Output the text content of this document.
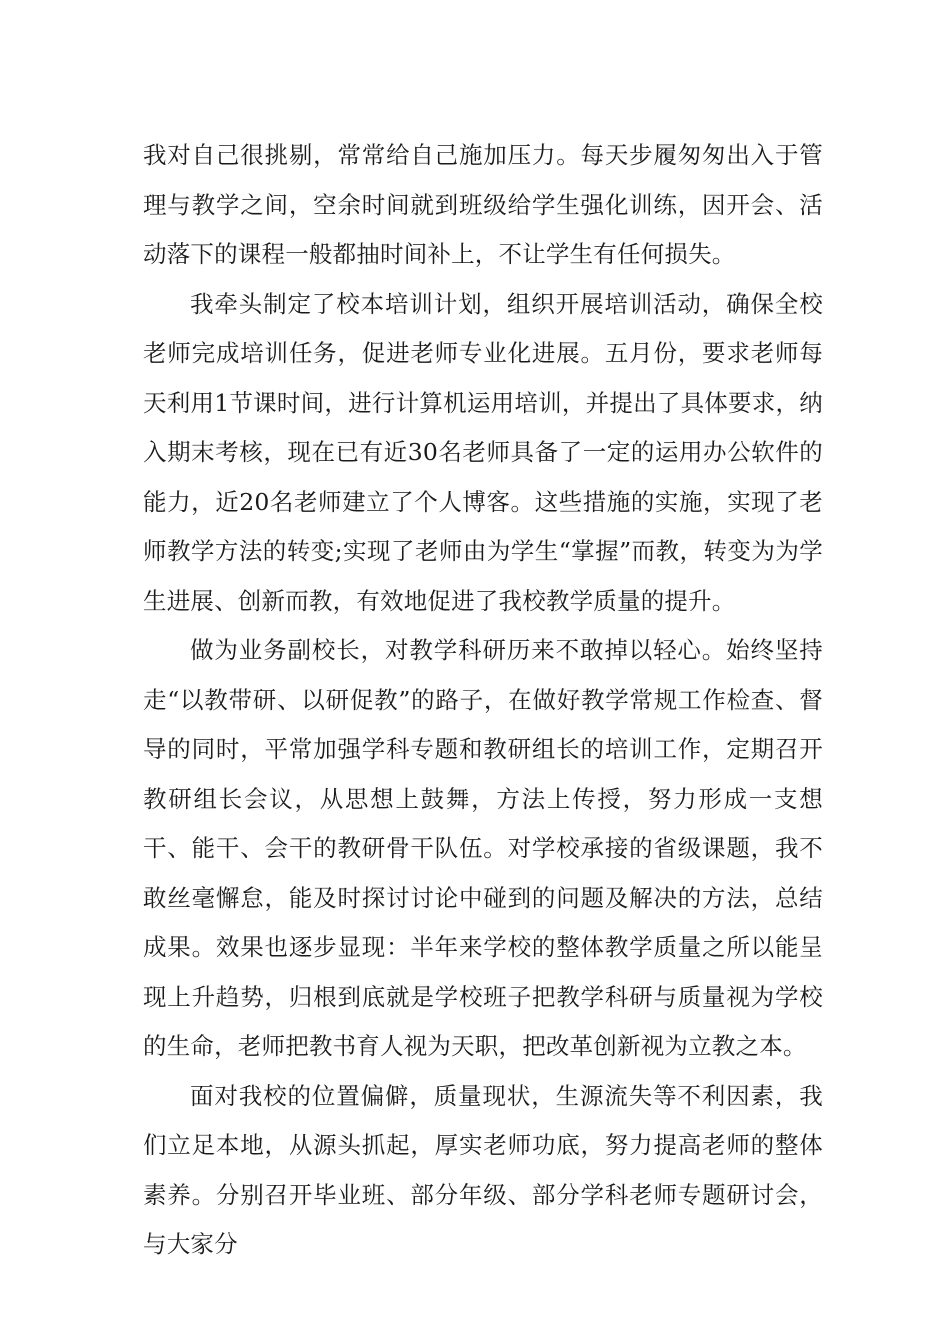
我对自己很挑剔，常常给自己施加压力。每天步履匆匆出入于管理与教学之间，空余时间就到班级给学生强化训练，因开会、活动落下的课程一般都抽时间补上，不让学生有任何损失。

我牵头制定了校本培训计划，组织开展培训活动，确保全校老师完成培训任务，促进老师专业化进展。五月份，要求老师每天利用1节课时间，进行计算机运用培训，并提出了具体要求，纳入期末考核，现在已有近30名老师具备了一定的运用办公软件的能力，近20名老师建立了个人博客。这些措施的实施，实现了老师教学方法的转变;实现了老师由为学生“掌握”而教，转变为为学生进展、创新而教，有效地促进了我校教学质量的提升。

做为业务副校长，对教学科研历来不敢掉以轻心。始终坚持走“以教带研、以研促教”的路子，在做好教学常规工作检查、督导的同时，平常加强学科专题和教研组长的培训工作，定期召开教研组长会议，从思想上鼓舞，方法上传授，努力形成一支想干、能干、会干的教研骨干队伍。对学校承接的省级课题，我不敢丝毫懈怠，能及时探讨讨论中碰到的问题及解决的方法，总结成果。效果也逐步显现：半年来学校的整体教学质量之所以能呈现上升趋势，归根到底就是学校班子把教学科研与质量视为学校的生命，老师把教书育人视为天职，把改革创新视为立教之本。

面对我校的位置偏僻，质量现状，生源流失等不利因素，我们立足本地，从源头抓起，厚实老师功底，努力提高老师的整体素养。分别召开毕业班、部分年级、部分学科老师专题研讨会，与大家分
